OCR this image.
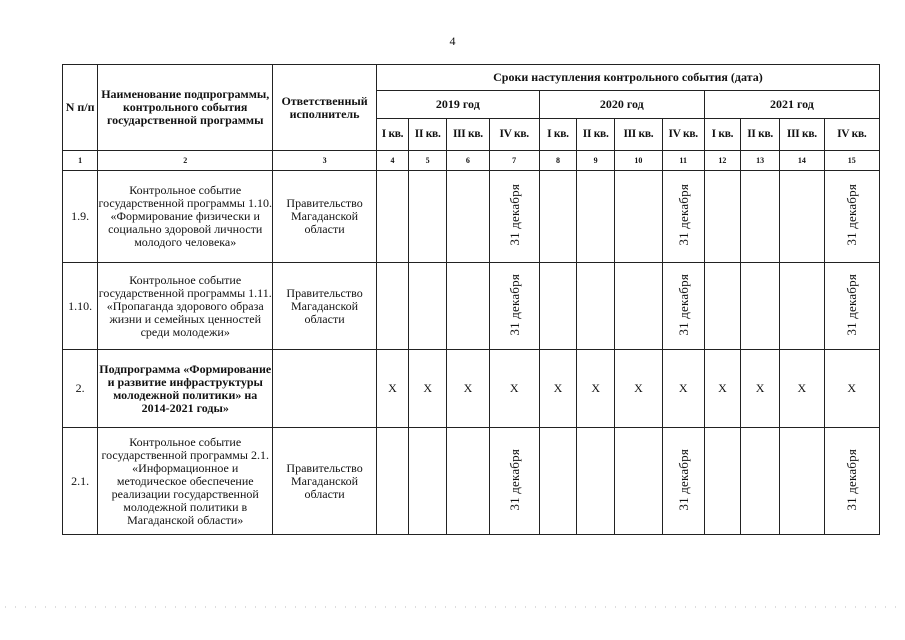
4
N п/п	Наименование подпрограммы, контрольного события государственной программы	Ответственный исполнитель	Сроки наступления контрольного события (дата)											
			2019 год				2020 год				2021 год			
			I кв.	II кв.	III кв.	IV кв.	I кв.	II кв.	III кв.	IV кв.	I кв.	II кв.	III кв.	IV кв.
1	2	3	4	5	6	7	8	9	10	11	12	13	14	15
1.9.	Контрольное событие государственной программы 1.10. «Формирование физически и социально здоровой личности молодого человека»	Правительство Магаданской области				31 декабря				31 декабря				31 декабря
1.10.	Контрольное событие государственной программы 1.11. «Пропаганда здорового образа жизни и семейных ценностей среди молодежи»	Правительство Магаданской области				31 декабря				31 декабря				31 декабря
2.	Подпрограмма «Формирование и развитие инфраструктуры молодежной политики» на 2014-2021 годы»		Х	Х	Х	Х	Х	Х	Х	Х	Х	Х	Х	Х
2.1.	Контрольное событие государственной программы 2.1. «Информационное и методическое обеспечение реализации государственной молодежной политики в Магаданской области»	Правительство Магаданской области				31 декабря				31 декабря				31 декабря
